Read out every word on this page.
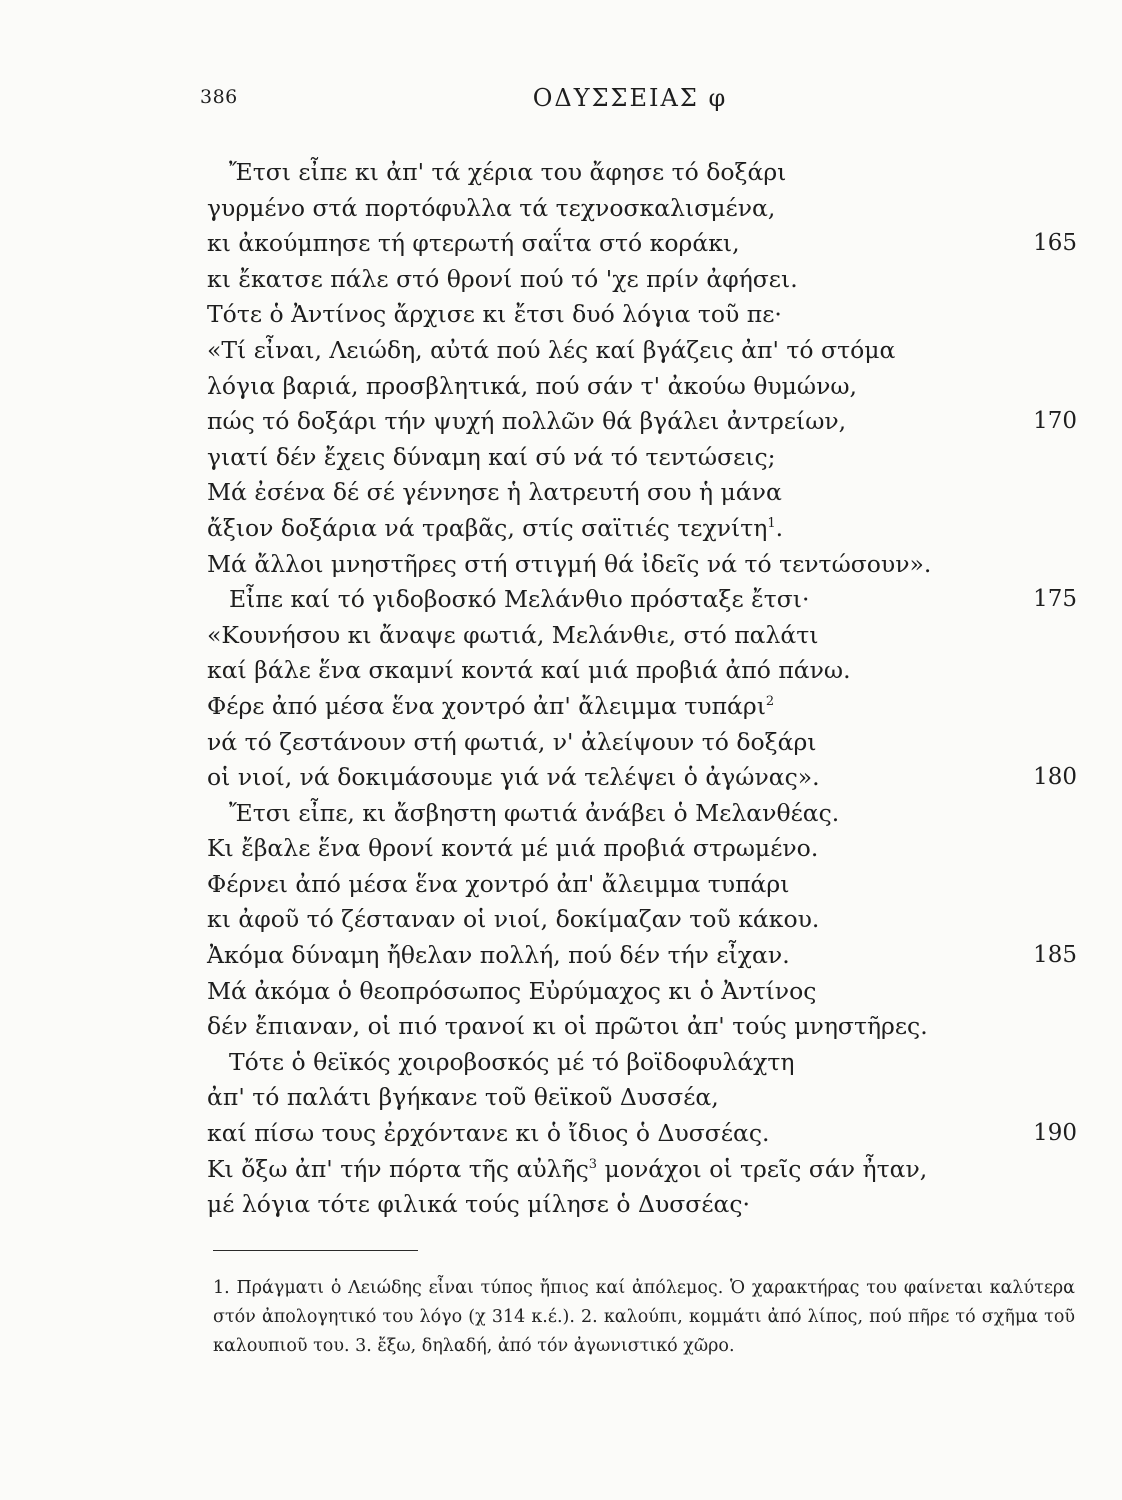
386	ΟΔΥΣΣΕΙΑΣ φ
Ἔτσι εἶπε κι ἀπ' τά χέρια του ἄφησε τό δοξάρι
γυρμένο στά πορτόφυλλα τά τεχνοσκαλισμένα,
κι ἀκούμπησε τή φτερωτή σαΐτα στό κοράκι,	165
κι ἔκατσε πάλε στό θρονί πού τό 'χε πρίν ἀφήσει.
Τότε ὁ Ἀντίνος ἄρχισε κι ἔτσι δυό λόγια τοῦ πε·
«Τί εἶναι, Λειώδη, αὐτά πού λές καί βγάζεις ἀπ' τό στόμα
λόγια βαριά, προσβλητικά, πού σάν τ' ἀκούω θυμώνω,
πώς τό δοξάρι τήν ψυχή πολλῶν θά βγάλει ἀντρείων,	170
γιατί δέν ἔχεις δύναμη καί σύ νά τό τεντώσεις;
Μά ἐσένα δέ σέ γέννησε ἡ λατρευτή σου ἡ μάνα
ἄξιον δοξάρια νά τραβᾶς, στίς σαϊτιές τεχνίτη$^1$.
Μά ἄλλοι μνηστῆρες στή στιγμή θά ἰδεῖς νά τό τεντώσουν».
Εἶπε καί τό γιδοβοσκό Μελάνθιο πρόσταξε ἔτσι·	175
«Κουνήσου κι ἄναψε φωτιά, Μελάνθιε, στό παλάτι
καί βάλε ἕνα σκαμνί κοντά καί μιά προβιά ἀπό πάνω.
Φέρε ἀπό μέσα ἕνα χοντρό ἀπ' ἄλειμμα τυπάρι$^2$
νά τό ζεστάνουν στή φωτιά, ν' ἀλείψουν τό δοξάρι
οἱ νιοί, νά δοκιμάσουμε γιά νά τελέψει ὁ ἀγώνας».	180
Ἔτσι εἶπε, κι ἄσβηστη φωτιά ἀνάβει ὁ Μελανθέας.
Κι ἔβαλε ἕνα θρονί κοντά μέ μιά προβιά στρωμένο.
Φέρνει ἀπό μέσα ἕνα χοντρό ἀπ' ἄλειμμα τυπάρι
κι ἀφοῦ τό ζέσταναν οἱ νιοί, δοκίμαζαν τοῦ κάκου.
Ἀκόμα δύναμη ἤθελαν πολλή, πού δέν τήν εἶχαν.	185
Μά ἀκόμα ὁ θεοπρόσωπος Εὐρύμαχος κι ὁ Ἀντίνος
δέν ἔπιαναν, οἱ πιό τρανοί κι οἱ πρῶτοι ἀπ' τούς μνηστῆρες.
Τότε ὁ θεϊκός χοιροβοσκός μέ τό βοϊδοφυλάχτη
ἀπ' τό παλάτι βγήκανε τοῦ θεϊκοῦ Δυσσέα,
καί πίσω τους ἐρχόντανε κι ὁ ἴδιος ὁ Δυσσέας.	190
Κι ὄξω ἀπ' τήν πόρτα τῆς αὐλῆς$^3$ μονάχοι οἱ τρεῖς σάν ἦταν,
μέ λόγια τότε φιλικά τούς μίλησε ὁ Δυσσέας·
1. Πράγματι ὁ Λειώδης εἶναι τύπος ἤπιος καί ἀπόλεμος. Ὁ χαρακτήρας του φαίνεται καλύτερα στόν ἀπολογητικό του λόγο (χ 314 κ.έ.). 2. καλούπι, κομμάτι ἀπό λίπος, πού πῆρε τό σχῆμα τοῦ καλουπιοῦ του. 3. ἔξω, δηλαδή, ἀπό τόν ἀγωνιστικό χῶρο.
